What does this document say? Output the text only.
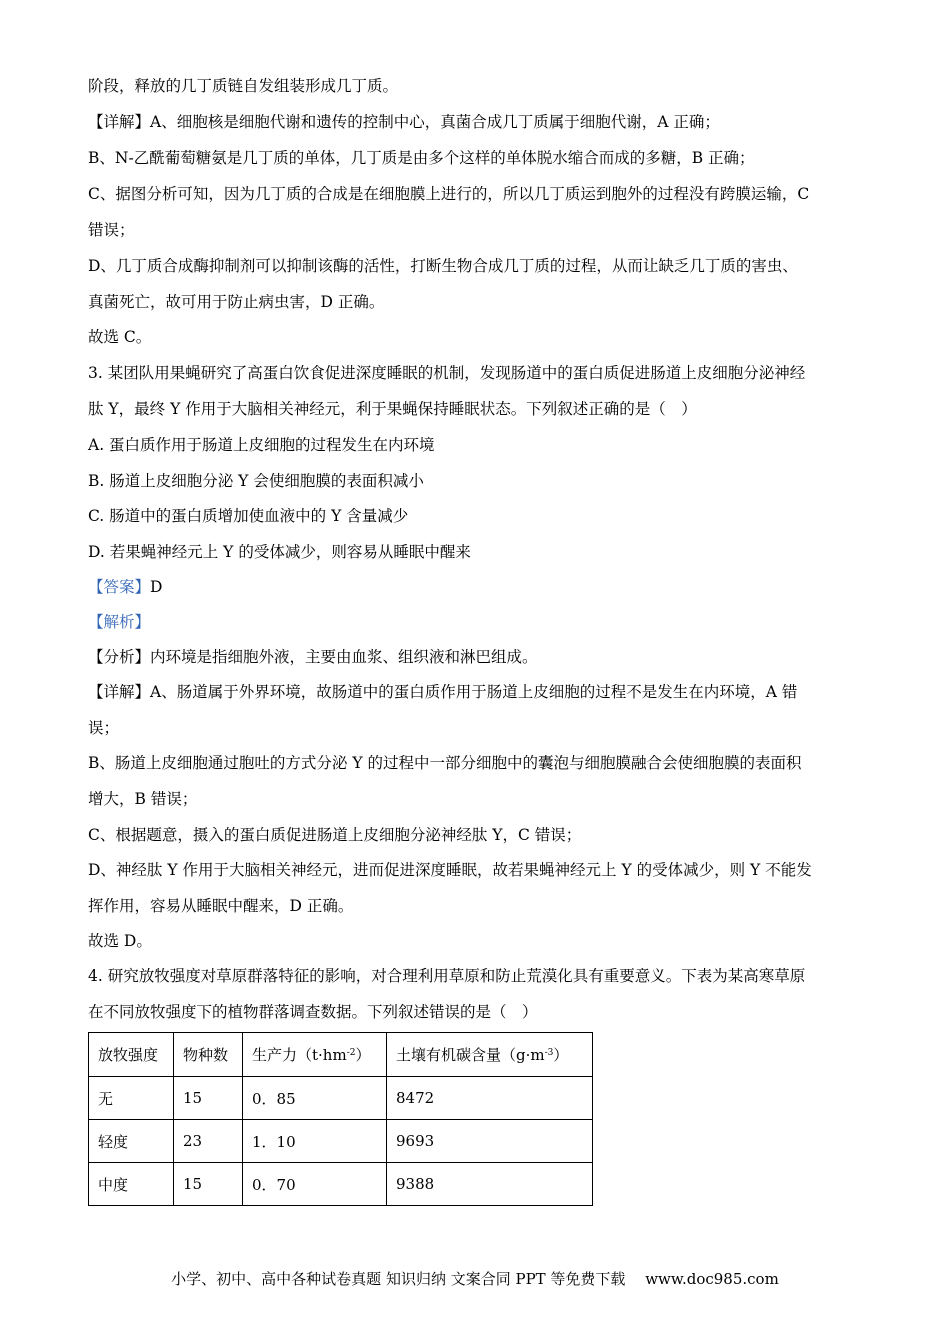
阶段，释放的几丁质链自发组装形成几丁质。
【详解】A、细胞核是细胞代谢和遗传的控制中心，真菌合成几丁质属于细胞代谢，A 正确；
B、N-乙酰葡萄糖氨是几丁质的单体，几丁质是由多个这样的单体脱水缩合而成的多糖，B 正确；
C、据图分析可知，因为几丁质的合成是在细胞膜上进行的，所以几丁质运到胞外的过程没有跨膜运输，C
错误；
D、几丁质合成酶抑制剂可以抑制该酶的活性，打断生物合成几丁质的过程，从而让缺乏几丁质的害虫、
真菌死亡，故可用于防止病虫害，D 正确。
故选 C。
3. 某团队用果蝇研究了高蛋白饮食促进深度睡眠的机制，发现肠道中的蛋白质促进肠道上皮细胞分泌神经
肽 Y，最终 Y 作用于大脑相关神经元，利于果蝇保持睡眠状态。下列叙述正确的是（　）
A. 蛋白质作用于肠道上皮细胞的过程发生在内环境
B. 肠道上皮细胞分泌 Y 会使细胞膜的表面积减小
C. 肠道中的蛋白质增加使血液中的 Y 含量减少
D. 若果蝇神经元上 Y 的受体减少，则容易从睡眠中醒来
【答案】D
【解析】
【分析】内环境是指细胞外液，主要由血浆、组织液和淋巴组成。
【详解】A、肠道属于外界环境，故肠道中的蛋白质作用于肠道上皮细胞的过程不是发生在内环境，A 错
误；
B、肠道上皮细胞通过胞吐的方式分泌 Y 的过程中一部分细胞中的囊泡与细胞膜融合会使细胞膜的表面积
增大，B 错误；
C、根据题意，摄入的蛋白质促进肠道上皮细胞分泌神经肽 Y，C 错误；
D、神经肽 Y 作用于大脑相关神经元，进而促进深度睡眠，故若果蝇神经元上 Y 的受体减少，则 Y 不能发
挥作用，容易从睡眠中醒来，D 正确。
故选 D。
4. 研究放牧强度对草原群落特征的影响，对合理利用草原和防止荒漠化具有重要意义。下表为某高寒草原
在不同放牧强度下的植物群落调查数据。下列叙述错误的是（　）
放牧强度	物种数	生产力$(t\cdot hm^{-2})$	土壤有机碳含量$(g\cdot m^{-3})$
无	15	0．85	8472
轻度	23	1．10	9693
中度	15	0．70	9388
小学、初中、高中各种试卷真题 知识归纳 文案合同 PPT 等免费下载　 www.doc985.com
